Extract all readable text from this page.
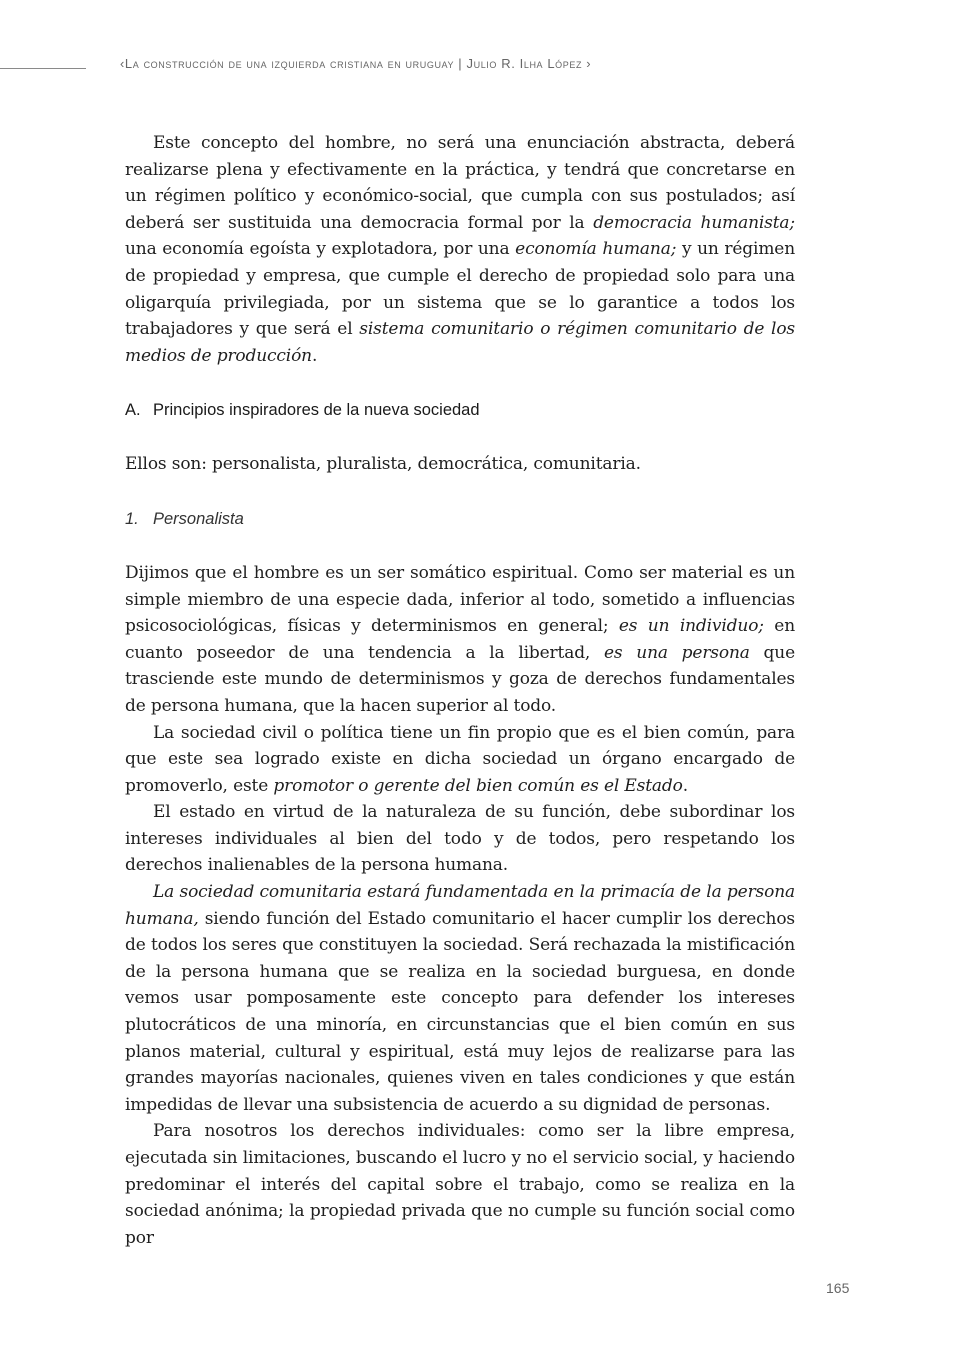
‹La construcción de una izquierda cristiana en uruguay | Julio R. Ilha López ›

Este concepto del hombre, no será una enunciación abstracta, deberá realizarse plena y efectivamente en la práctica, y tendrá que concretarse en un régimen político y económico-social, que cumpla con sus postulados; así deberá ser sustituida una democracia formal por la democracia humanista; una economía egoísta y explotadora, por una economía humana; y un régimen de propiedad y empresa, que cumple el derecho de propiedad solo para una oligarquía privilegiada, por un sistema que se lo garantice a todos los trabajadores y que será el sistema comunitario o régimen comunitario de los medios de producción.

A. Principios inspiradores de la nueva sociedad

Ellos son: personalista, pluralista, democrática, comunitaria.

1. Personalista

Dijimos que el hombre es un ser somático espiritual. Como ser material es un simple miembro de una especie dada, inferior al todo, sometido a influencias psicosociológicas, físicas y determinismos en general; es un individuo; en cuanto poseedor de una tendencia a la libertad, es una persona que trasciende este mundo de determinismos y goza de derechos fundamentales de persona humana, que la hacen superior al todo.

La sociedad civil o política tiene un fin propio que es el bien común, para que este sea logrado existe en dicha sociedad un órgano encargado de promoverlo, este promotor o gerente del bien común es el Estado.

El estado en virtud de la naturaleza de su función, debe subordinar los intereses individuales al bien del todo y de todos, pero respetando los derechos inalienables de la persona humana.

La sociedad comunitaria estará fundamentada en la primacía de la persona humana, siendo función del Estado comunitario el hacer cumplir los derechos de todos los seres que constituyen la sociedad. Será rechazada la mistificación de la persona humana que se realiza en la sociedad burguesa, en donde vemos usar pomposamente este concepto para defender los intereses plutocráticos de una minoría, en circunstancias que el bien común en sus planos material, cultural y espiritual, está muy lejos de realizarse para las grandes mayorías nacionales, quienes viven en tales condiciones y que están impedidas de llevar una subsistencia de acuerdo a su dignidad de personas.

Para nosotros los derechos individuales: como ser la libre empresa, ejecutada sin limitaciones, buscando el lucro y no el servicio social, y haciendo predominar el interés del capital sobre el trabajo, como se realiza en la sociedad anónima; la propiedad privada que no cumple su función social como por

165
